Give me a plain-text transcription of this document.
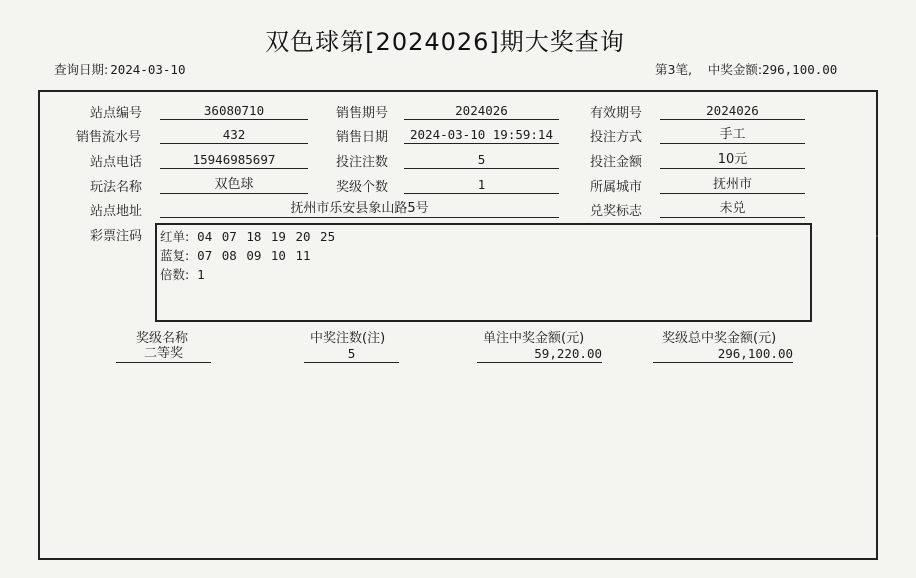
双色球第[2024026]期大奖查询
查询日期: 2024-03-10	第3笔, 中奖金额:296,100.00
站点编号	36080710	销售期号	2024026	有效期号	2024026
销售流水号	432	销售日期	2024-03-10 19:59:14	投注方式	手工
站点电话	15946985697	投注注数	5	投注金额	10元
玩法名称	双色球	奖级个数	1	所属城市	抚州市
站点地址	抚州市乐安县象山路5号	兑奖标志	未兑
彩票注码 红单: 04 07 18 19 20 25
蓝复: 07 08 09 10 11
倍数: 1
奖级名称	中奖注数(注)	单注中奖金额(元)	奖级总中奖金额(元)
二等奖	5	59,220.00	296,100.00
